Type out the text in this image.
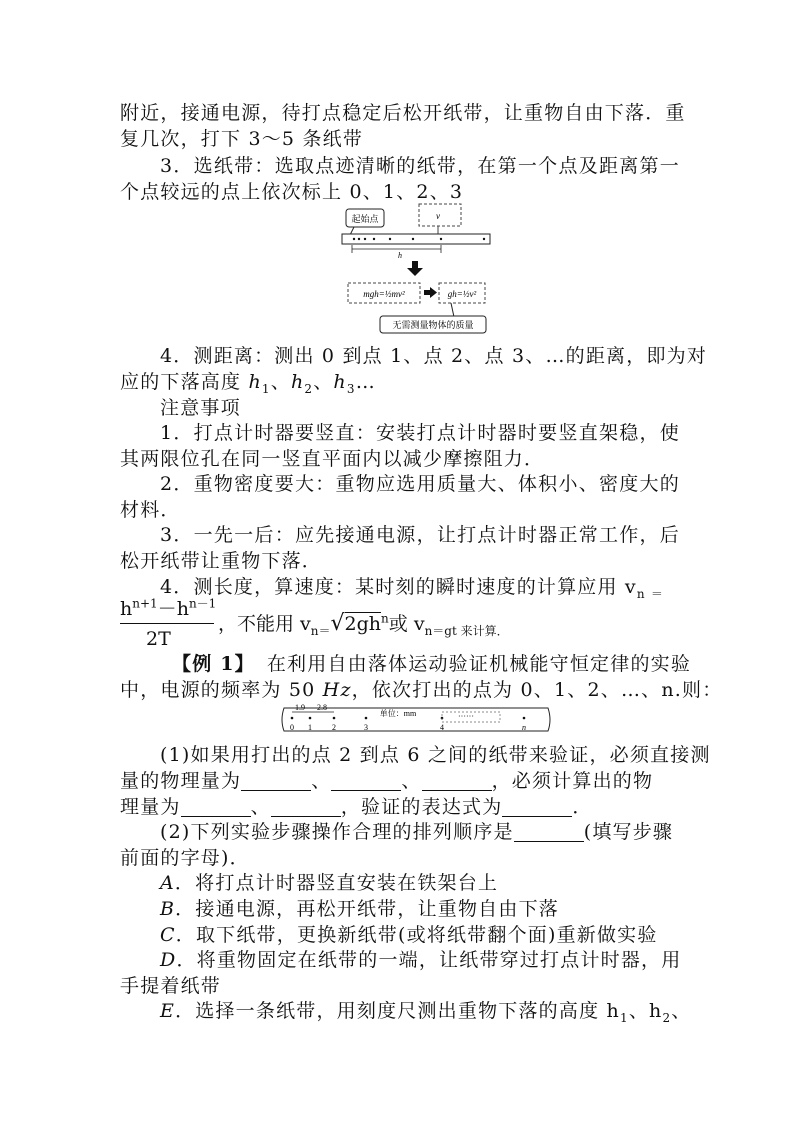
附近，接通电源，待打点稳定后松开纸带，让重物自由下落．重
复几次，打下 3～5 条纸带
3．选纸带：选取点迹清晰的纸带，在第一个点及距离第一
个点较远的点上依次标上 0、1、2、3
起始点	v
h
mgh=½mv²	gh=½v²
无需测量物体的质量
4．测距离：测出 0 到点 1、点 2、点 3、…的距离，即为对
应的下落高度 $h_1$、$h_2$、$h_3\dots$
注意事项
1．打点计时器要竖直：安装打点计时器时要竖直架稳，使
其两限位孔在同一竖直平面内以减少摩擦阻力．
2．重物密度要大：重物应选用质量大、体积小、密度大的
材料．
3．一先一后：应先接通电源，让打点计时器正常工作，后
松开纸带让重物下落．
4．测长度，算速度：某时刻的瞬时速度的计算应用 $v_{n =}$
$h^{n+1}-h^{n-1}$
2T
，不能用 $v_{n=}√2gh^n$或 $v_{n=gt 来计算.}$
【例 1】 在利用自由落体运动验证机械能守恒定律的实验
中，电源的频率为 50 Hz，依次打出的点为 0、1、2、…、n.则：
1.9 2.8
单位：mm	······
0 1	2	3	4	n
(1)如果用打出的点 2 到点 6 之间的纸带来验证，必须直接测
量的物理量为	、	、	，必须计算出的物
理量为	、	，验证的表达式为	．
(2)下列实验步骤操作合理的排列顺序是	(填写步骤
前面的字母)．
A．将打点计时器竖直安装在铁架台上
B．接通电源，再松开纸带，让重物自由下落
C．取下纸带，更换新纸带(或将纸带翻个面)重新做实验
D．将重物固定在纸带的一端，让纸带穿过打点计时器，用
手提着纸带
E．选择一条纸带，用刻度尺测出重物下落的高度 $h_1$、$h_2$、
